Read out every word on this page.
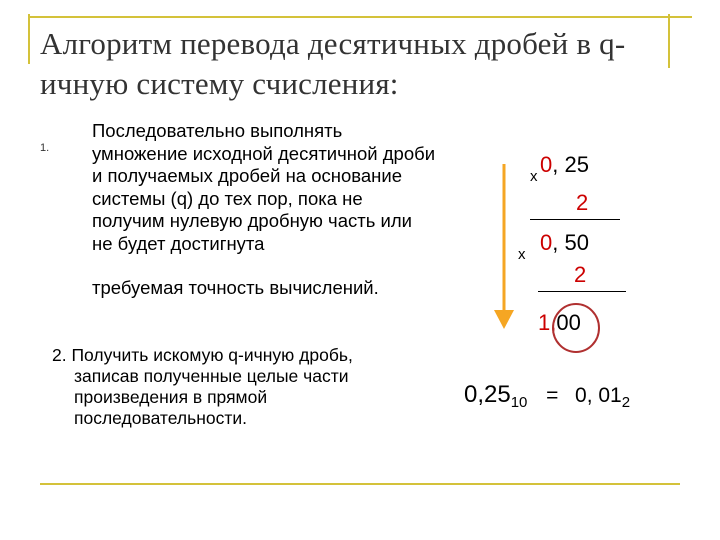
Алгоритм перевода десятичных дробей в q-ичную систему счисления:
1.
Последовательно выполнять умножение исходной десятичной дроби и получаемых дробей на основание системы (q) до тех пор, пока не получим нулевую дробную часть или не будет достигнута
требуемая точность вычислений.
2. Получить искомую q-ичную дробь,
записав полученные целые части произведения в прямой последовательности.
х 0, 25
2
х 0, 50
2
1,00
$0,25_{10} = 0$, $01_2$
